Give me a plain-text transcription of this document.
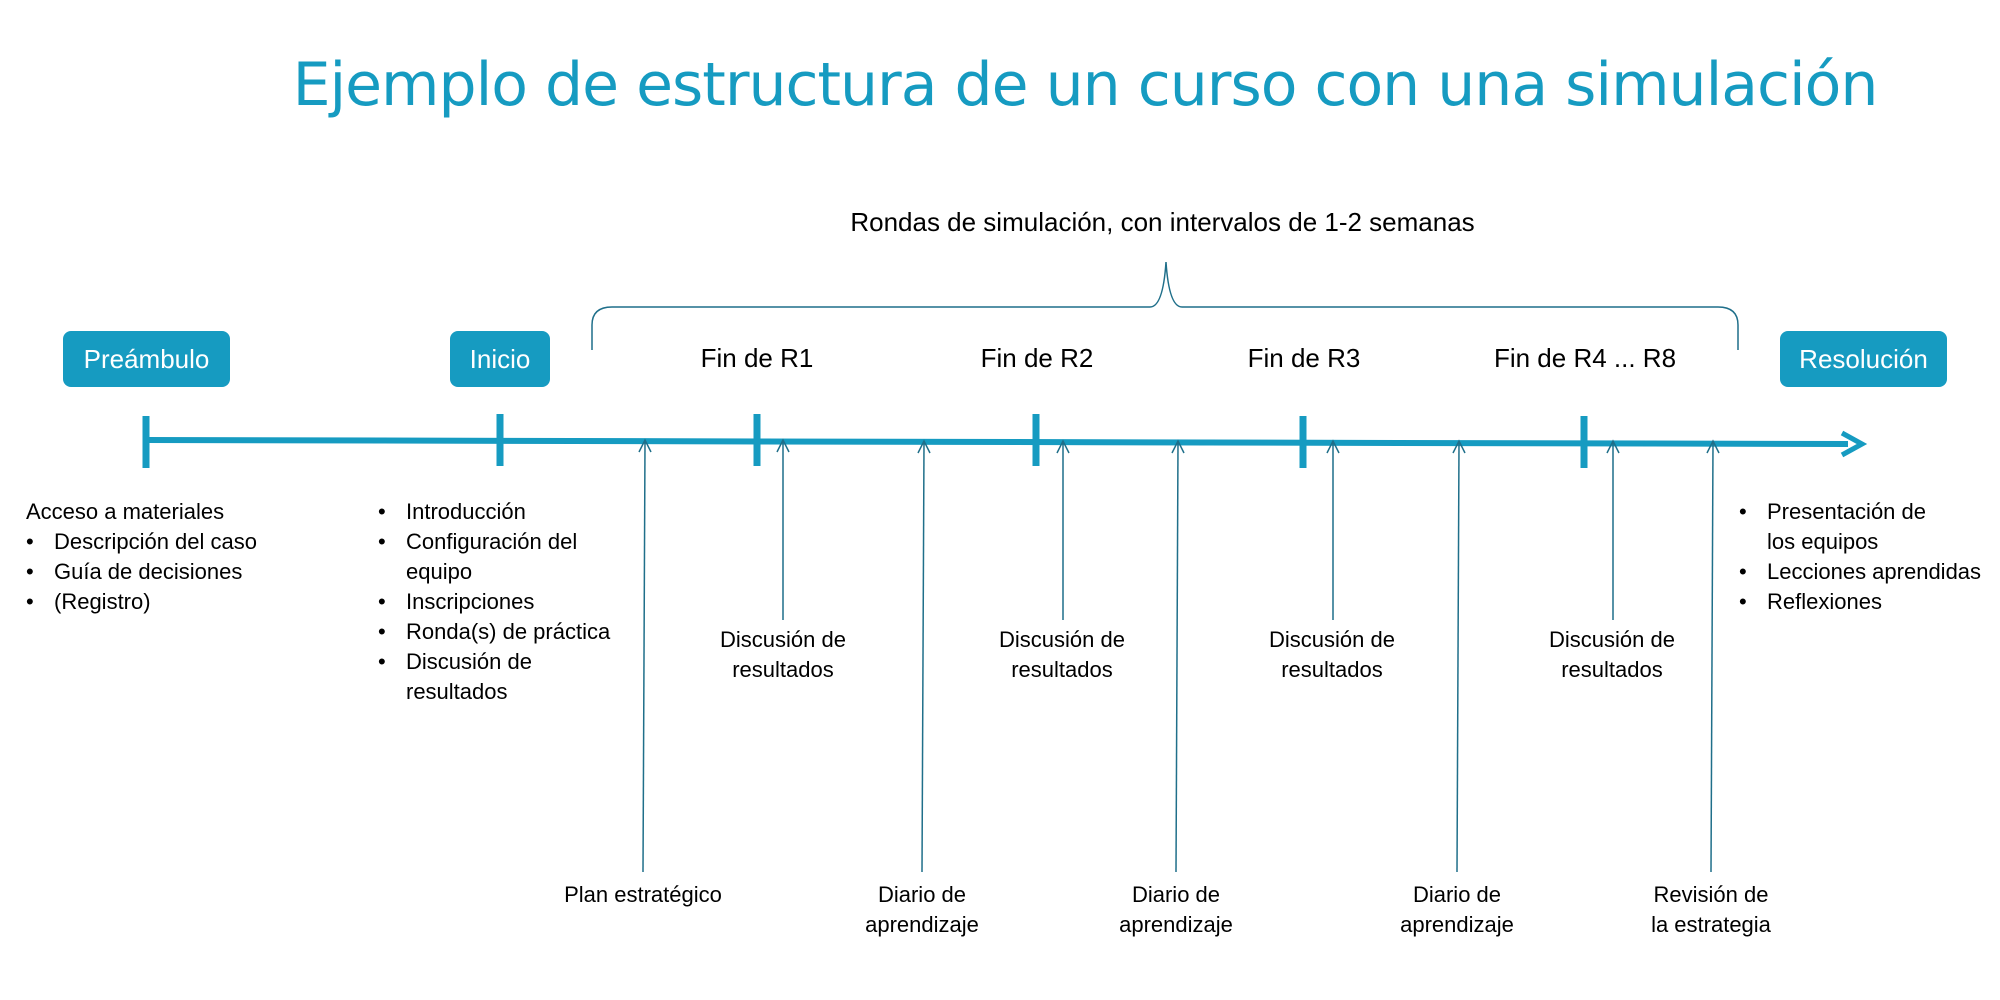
Ejemplo de estructura de un curso con una simulación
Rondas de simulación, con intervalos de 1-2 semanas
Preámbulo	Inicio	Resolución
Fin de R1	Fin de R2	Fin de R3	Fin de R4 ... R8
Acceso a materiales
• Descripción del caso
• Guía de decisiones
• (Registro)
• Introducción
• Configuración del equipo
• Inscripciones
• Ronda(s) de práctica
• Discusión de resultados
• Presentación de los equipos
• Lecciones aprendidas
• Reflexiones
Discusión de
resultados
Discusión de
resultados
Discusión de
resultados
Discusión de
resultados
Plan estratégico	Diario de
aprendizaje
Diario de
aprendizaje
Diario de
aprendizaje
Revisión de
la estrategia
